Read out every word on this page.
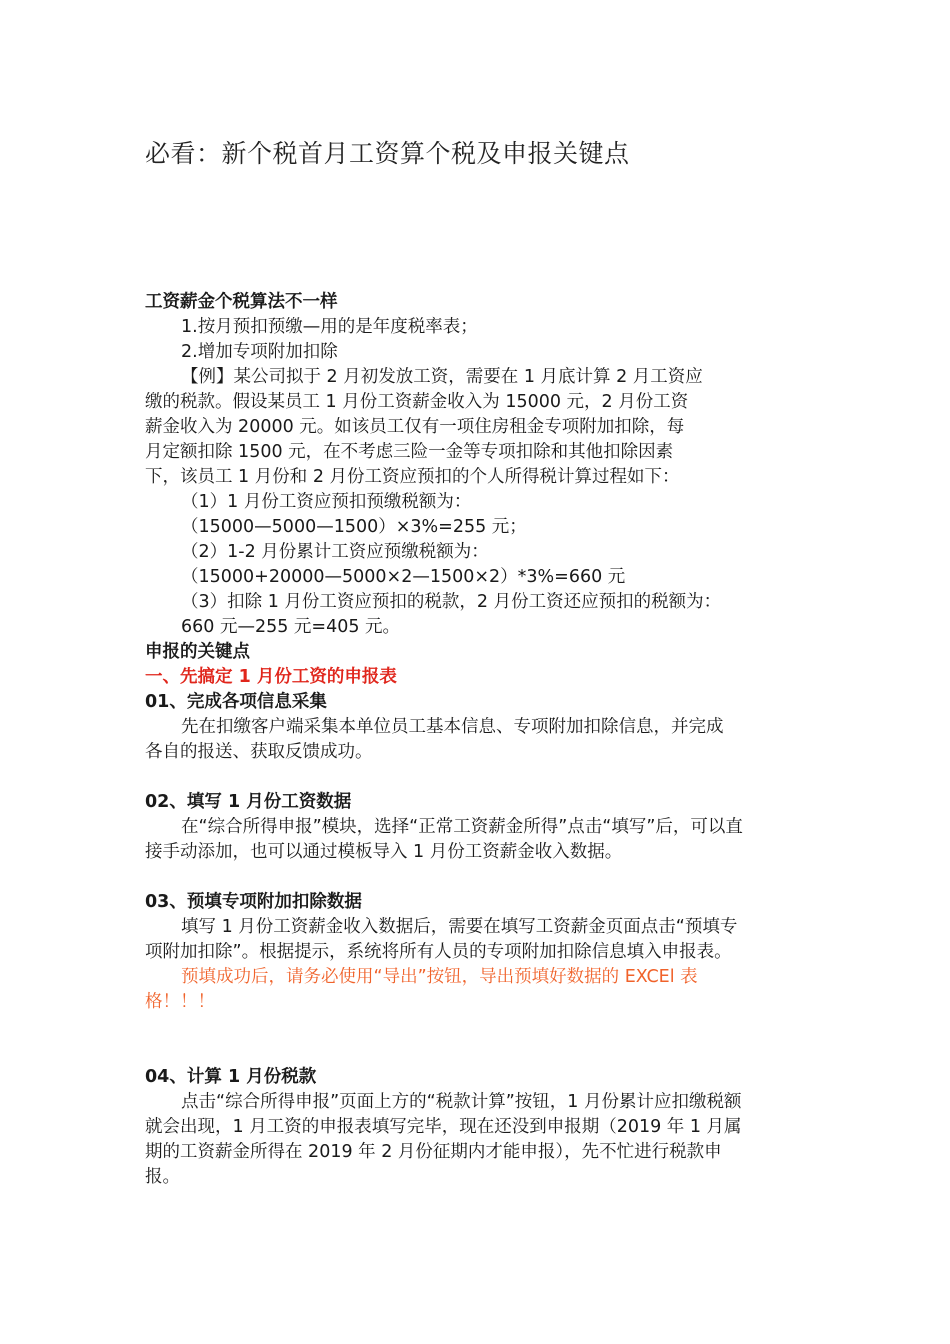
必看：新个税首月工资算个税及申报关键点

工资薪金个税算法不一样

1.按月预扣预缴—用的是年度税率表；

2.增加专项附加扣除

【例】某公司拟于 2 月初发放工资，需要在 1 月底计算 2 月工资应

缴的税款。假设某员工 1 月份工资薪金收入为 15000 元，2 月份工资

薪金收入为 20000 元。如该员工仅有一项住房租金专项附加扣除，每

月定额扣除 1500 元，在不考虑三险一金等专项扣除和其他扣除因素

下，该员工 1 月份和 2 月份工资应预扣的个人所得税计算过程如下：

（1）1 月份工资应预扣预缴税额为：

（15000—5000—1500）×3%=255 元；

（2）1-2 月份累计工资应预缴税额为：

（15000+20000—5000×2—1500×2）*3%=660 元

（3）扣除 1 月份工资应预扣的税款，2 月份工资还应预扣的税额为：

660 元—255 元=405 元。

申报的关键点

一、先搞定 1 月份工资的申报表

01、完成各项信息采集

先在扣缴客户端采集本单位员工基本信息、专项附加扣除信息，并完成

各自的报送、获取反馈成功。

02、填写 1 月份工资数据

在“综合所得申报”模块，选择“正常工资薪金所得”点击“填写”后，可以直

接手动添加，也可以通过模板导入 1 月份工资薪金收入数据。

03、预填专项附加扣除数据

填写 1 月份工资薪金收入数据后，需要在填写工资薪金页面点击“预填专

项附加扣除”。根据提示，系统将所有人员的专项附加扣除信息填入申报表。

预填成功后，请务必使用“导出”按钮，导出预填好数据的 EXCEl 表

格！！！

04、计算 1 月份税款

点击“综合所得申报”页面上方的“税款计算”按钮，1 月份累计应扣缴税额

就会出现，1 月工资的申报表填写完毕，现在还没到申报期（2019 年 1 月属

期的工资薪金所得在 2019 年 2 月份征期内才能申报），先不忙进行税款申

报。
